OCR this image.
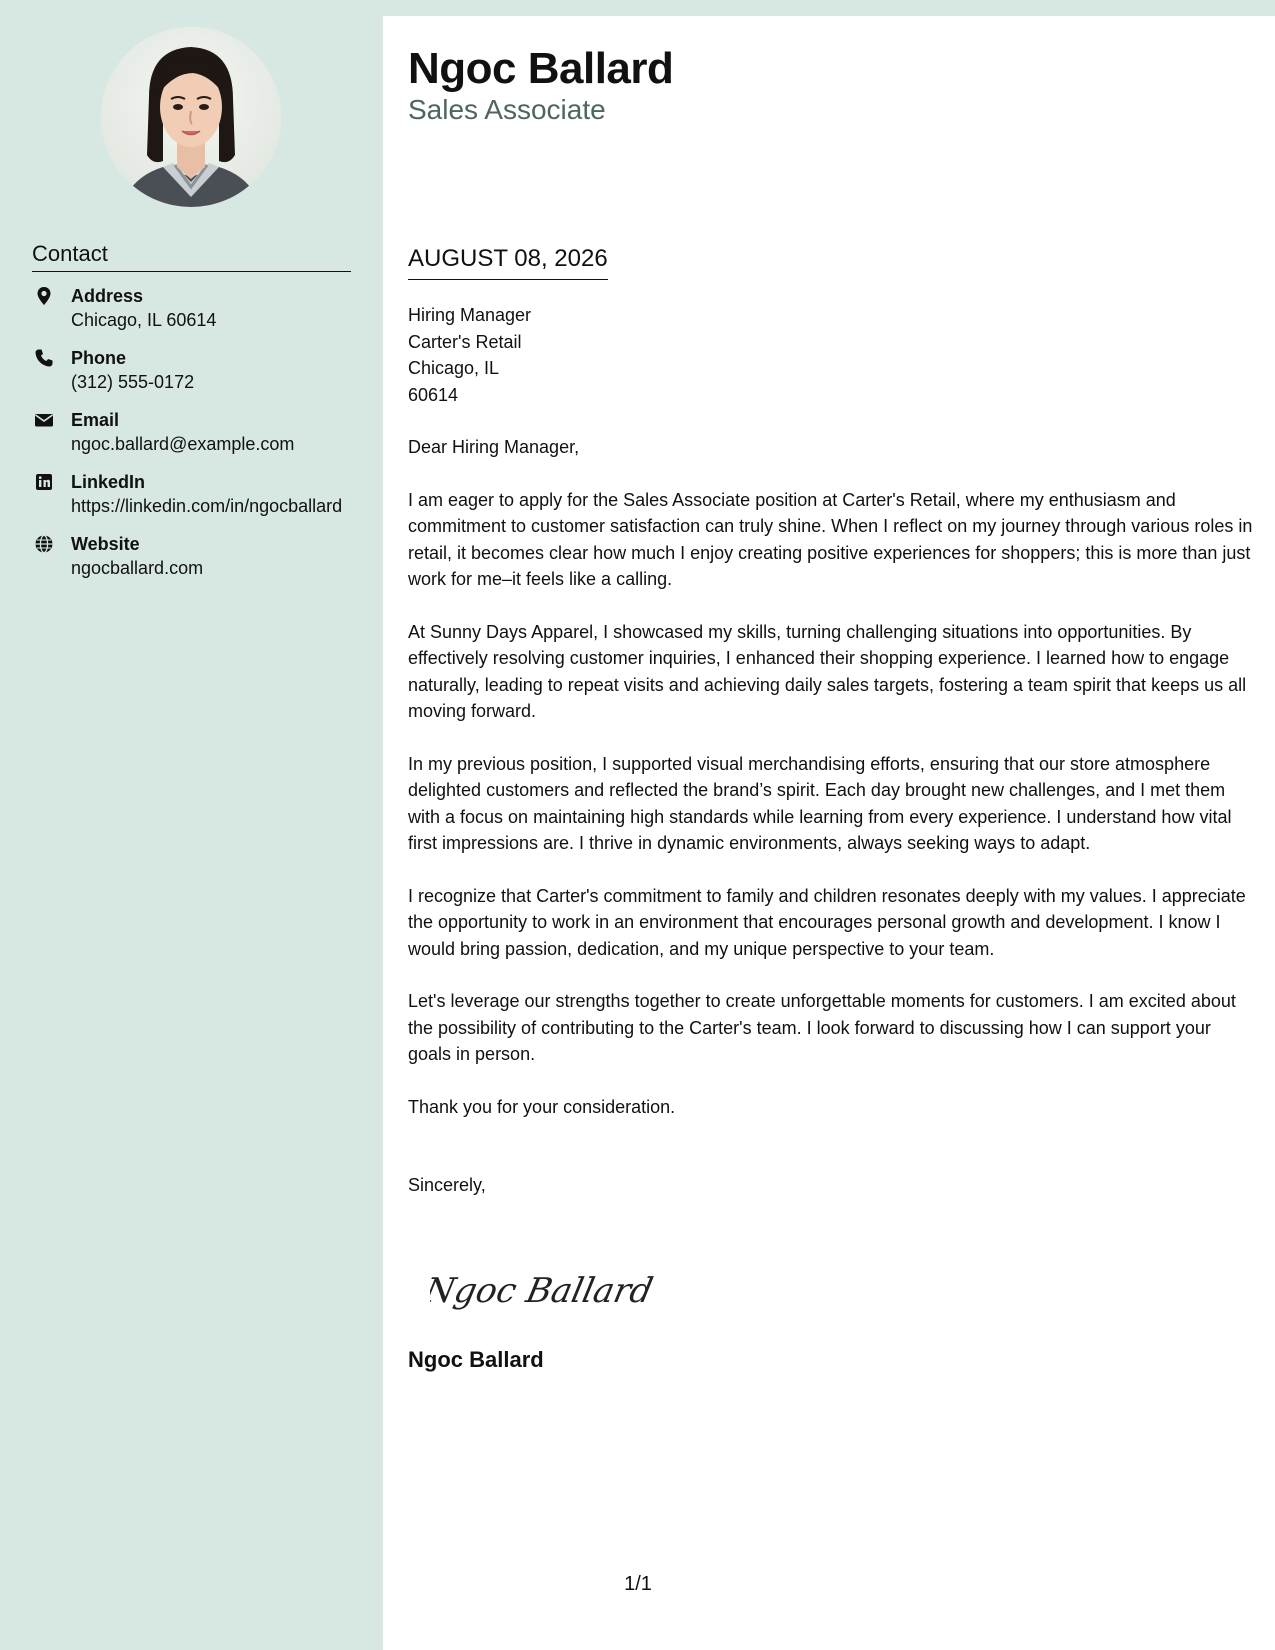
Ngoc Ballard
Sales Associate
Contact
Address
Chicago, IL 60614
Phone
(312) 555-0172
Email
ngoc.ballard@example.com
LinkedIn
https://linkedin.com/in/ngocballard
Website
ngocballard.com
AUGUST 08, 2026
Hiring Manager
Carter's Retail
Chicago, IL
60614

Dear Hiring Manager,

I am eager to apply for the Sales Associate position at Carter's Retail, where my enthusiasm and commitment to customer satisfaction can truly shine. When I reflect on my journey through various roles in retail, it becomes clear how much I enjoy creating positive experiences for shoppers; this is more than just work for me–it feels like a calling.

At Sunny Days Apparel, I showcased my skills, turning challenging situations into opportunities. By effectively resolving customer inquiries, I enhanced their shopping experience. I learned how to engage naturally, leading to repeat visits and achieving daily sales targets, fostering a team spirit that keeps us all moving forward.

In my previous position, I supported visual merchandising efforts, ensuring that our store atmosphere delighted customers and reflected the brand’s spirit. Each day brought new challenges, and I met them with a focus on maintaining high standards while learning from every experience. I understand how vital first impressions are. I thrive in dynamic environments, always seeking ways to adapt.

I recognize that Carter's commitment to family and children resonates deeply with my values. I appreciate the opportunity to work in an environment that encourages personal growth and development. I know I would bring passion, dedication, and my unique perspective to your team.

Let's leverage our strengths together to create unforgettable moments for customers. I am excited about the possibility of contributing to the Carter's team. I look forward to discussing how I can support your goals in person.

Thank you for your consideration.

Sincerely,

Ngoc Ballard
Ngoc Ballard
1/1
